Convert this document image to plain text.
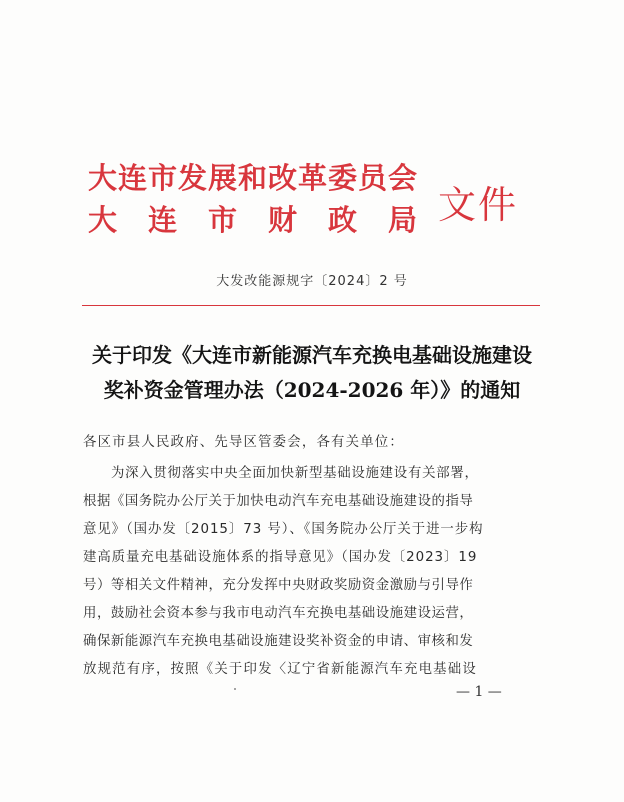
大连市发展和改革委员会
大连市财政局
文件
大发改能源规字〔2024〕2 号
关于印发《大连市新能源汽车充换电基础设施建设
奖补资金管理办法（2024-2026 年）》的通知
各区市县人民政府、先导区管委会，各有关单位：
为深入贯彻落实中央全面加快新型基础设施建设有关部署，
根据《国务院办公厅关于加快电动汽车充电基础设施建设的指导
意见》（国办发〔2015〕73 号）、《国务院办公厅关于进一步构
建高质量充电基础设施体系的指导意见》（国办发〔2023〕19
号）等相关文件精神，充分发挥中央财政奖励资金激励与引导作
用，鼓励社会资本参与我市电动汽车充换电基础设施建设运营，
确保新能源汽车充换电基础设施建设奖补资金的申请、审核和发
放规范有序，按照《关于印发〈辽宁省新能源汽车充电基础设
— 1 —
